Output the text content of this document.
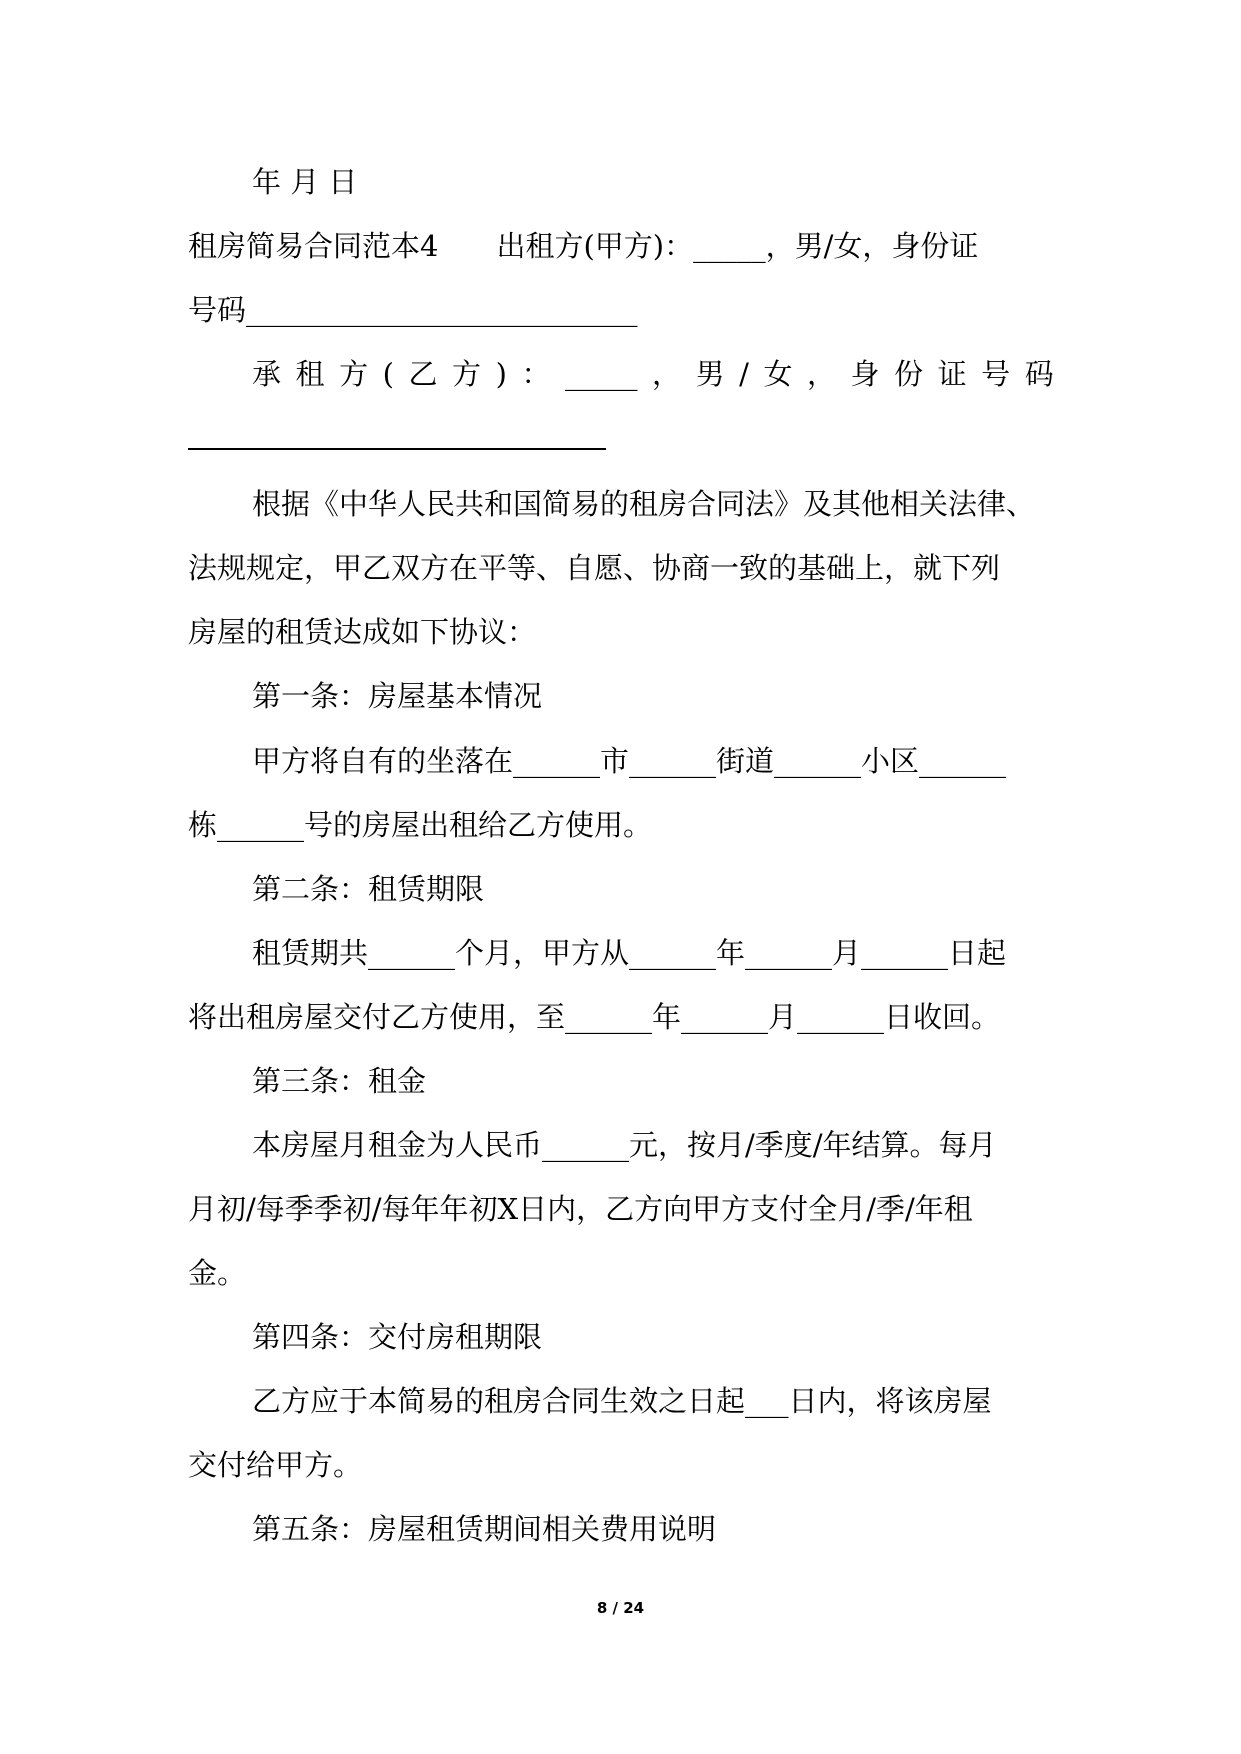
年 月 日
租房简易合同范本4　　出租方(甲方)：_____，男/女，身份证
号码___________________________
承 租 方 ( 乙 方 ) ： _____ ， 男 / 女 ， 身 份 证 号 码
根据《中华人民共和国简易的租房合同法》及其他相关法律、
法规规定，甲乙双方在平等、自愿、协商一致的基础上，就下列
房屋的租赁达成如下协议：
第一条：房屋基本情况
甲方将自有的坐落在______市______街道______小区______
栋______号的房屋出租给乙方使用。
第二条：租赁期限
租赁期共______个月，甲方从______年______月______日起
将出租房屋交付乙方使用，至______年______月______日收回。
第三条：租金
本房屋月租金为人民币______元，按月/季度/年结算。每月
月初/每季季初/每年年初X日内，乙方向甲方支付全月/季/年租
金。
第四条：交付房租期限
乙方应于本简易的租房合同生效之日起___日内，将该房屋
交付给甲方。
第五条：房屋租赁期间相关费用说明
8 / 24
